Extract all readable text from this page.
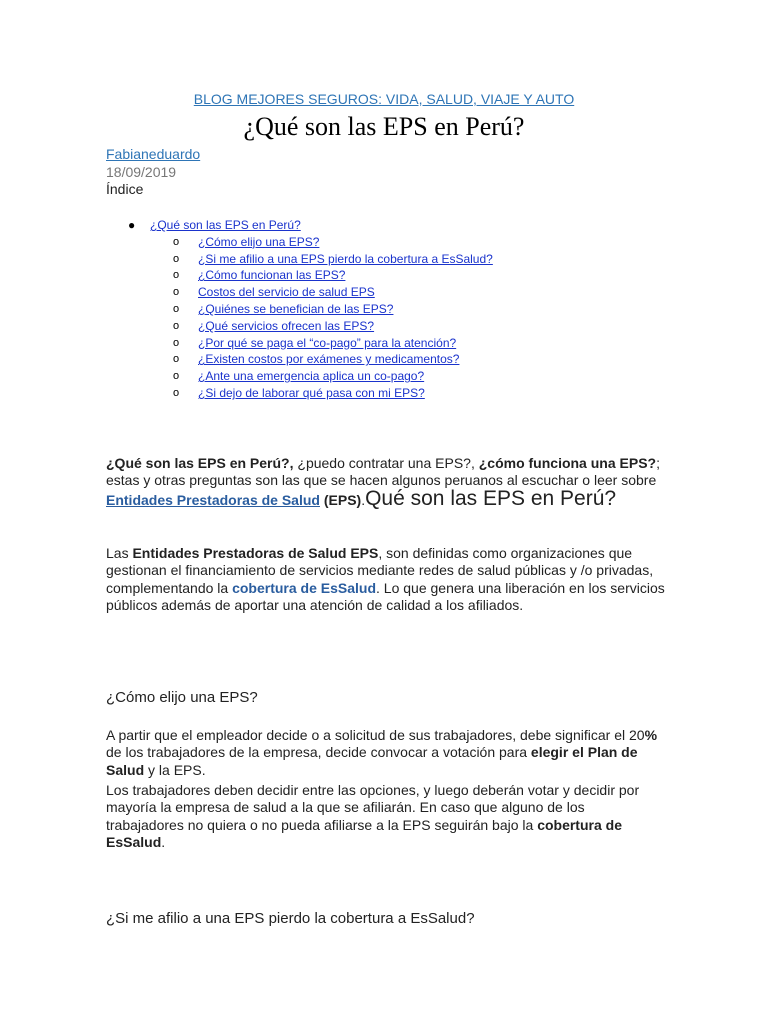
BLOG MEJORES SEGUROS: VIDA, SALUD, VIAJE Y AUTO
¿Qué son las EPS en Perú?
Fabianeduardo
18/09/2019
Índice
● ¿Qué son las EPS en Perú?
o ¿Cómo elijo una EPS?
o ¿Si me afilio a una EPS pierdo la cobertura a EsSalud?
o ¿Cómo funcionan las EPS?
o Costos del servicio de salud EPS
o ¿Quiénes se benefician de las EPS?
o ¿Qué servicios ofrecen las EPS?
o ¿Por qué se paga el “co-pago” para la atención?
o ¿Existen costos por exámenes y medicamentos?
o ¿Ante una emergencia aplica un co-pago?
o ¿Si dejo de laborar qué pasa con mi EPS?

¿Qué son las EPS en Perú?, ¿puedo contratar una EPS?, ¿cómo funciona una EPS?; estas y otras preguntas son las que se hacen algunos peruanos al escuchar o leer sobre Entidades Prestadoras de Salud (EPS).Qué son las EPS en Perú?

Las Entidades Prestadoras de Salud EPS, son definidas como organizaciones que gestionan el financiamiento de servicios mediante redes de salud públicas y /o privadas, complementando la cobertura de EsSalud. Lo que genera una liberación en los servicios públicos además de aportar una atención de calidad a los afiliados.

¿Cómo elijo una EPS?

A partir que el empleador decide o a solicitud de sus trabajadores, debe significar el 20% de los trabajadores de la empresa, decide convocar a votación para elegir el Plan de Salud y la EPS.

Los trabajadores deben decidir entre las opciones, y luego deberán votar y decidir por mayoría la empresa de salud a la que se afiliarán. En caso que alguno de los trabajadores no quiera o no pueda afiliarse a la EPS seguirán bajo la cobertura de EsSalud.

¿Si me afilio a una EPS pierdo la cobertura a EsSalud?
